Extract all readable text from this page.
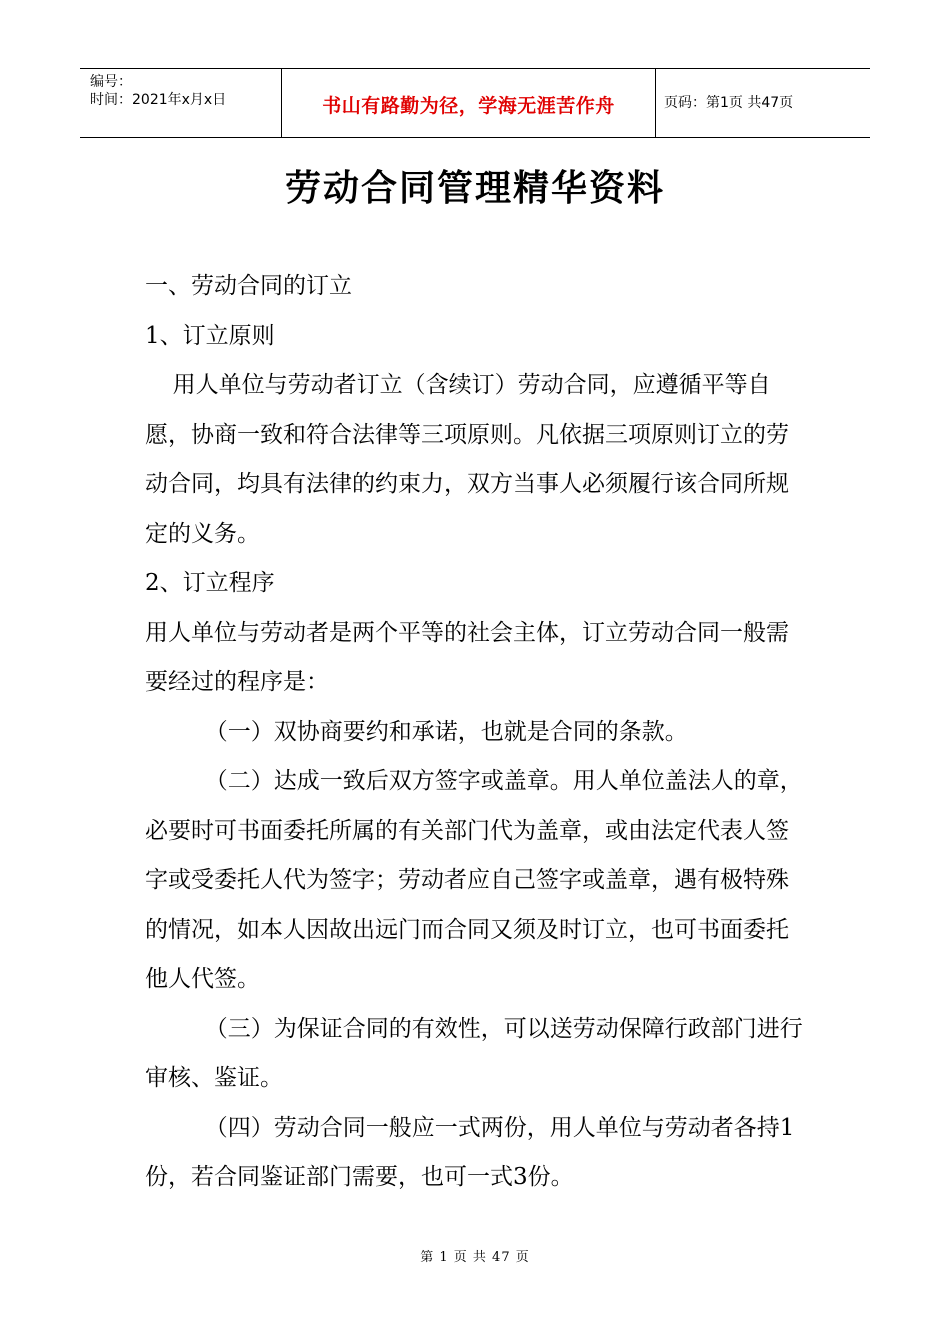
编号：
时间：2021年x月x日	书山有路勤为径，学海无涯苦作舟	页码：第1页 共47页
劳动合同管理精华资料

一、劳动合同的订立

1、订立原则

用人单位与劳动者订立（含续订）劳动合同，应遵循平等自愿，协商一致和符合法律等三项原则。凡依据三项原则订立的劳动合同，均具有法律的约束力，双方当事人必须履行该合同所规定的义务。

2、订立程序

用人单位与劳动者是两个平等的社会主体，订立劳动合同一般需要经过的程序是：

（一）双协商要约和承诺，也就是合同的条款。

（二）达成一致后双方签字或盖章。用人单位盖法人的章，必要时可书面委托所属的有关部门代为盖章，或由法定代表人签字或受委托人代为签字；劳动者应自己签字或盖章，遇有极特殊的情况，如本人因故出远门而合同又须及时订立，也可书面委托他人代签。

（三）为保证合同的有效性，可以送劳动保障行政部门进行审核、鉴证。

（四）劳动合同一般应一式两份，用人单位与劳动者各持1份，若合同鉴证部门需要，也可一式3份。

第 1 页 共 47 页
